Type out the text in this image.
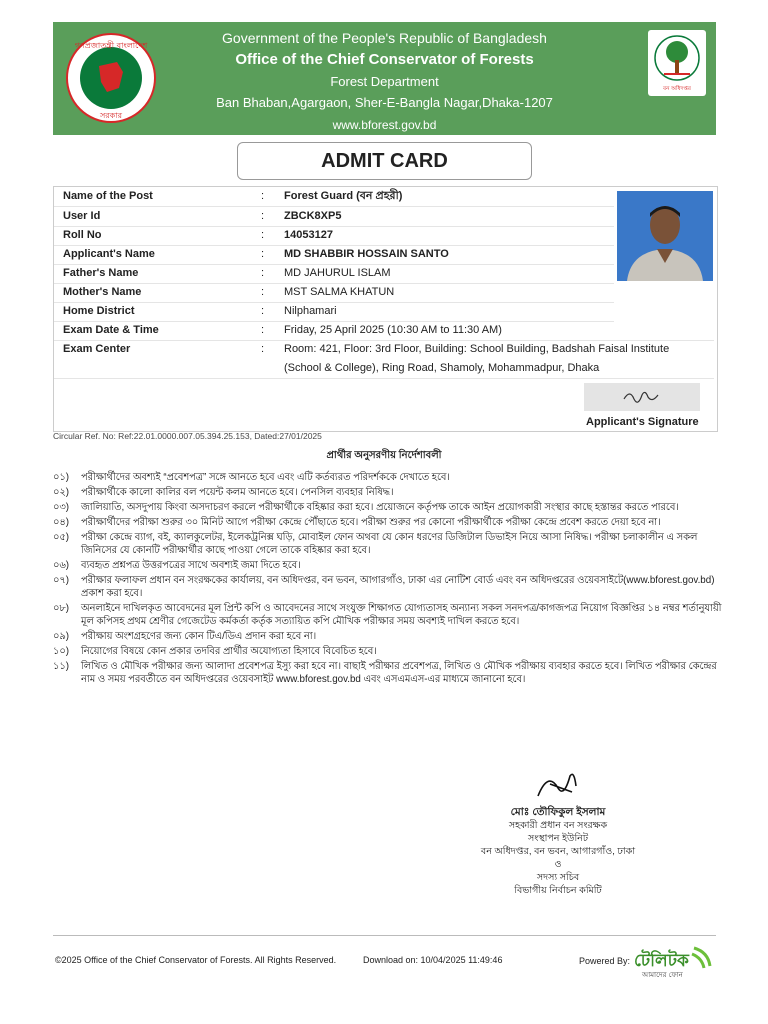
গণপ্রজাতন্ত্রী বাংলাদেশ
সরকার
Government of the People's Republic of Bangladesh
Office of the Chief Conservator of Forests
Forest Department
Ban Bhaban,Agargaon, Sher-E-Bangla Nagar,Dhaka-1207
www.bforest.gov.bd
বন অধিদপ্তর
ADMIT CARD
Name of the Post	: Forest Guard (বন প্রহরী)
User Id	: ZBCK8XP5
Roll No	: 14053127
Applicant's Name	: MD SHABBIR HOSSAIN SANTO
Father's Name	: MD JAHURUL ISLAM
Mother's Name	: MST SALMA KHATUN
Home District	: Nilphamari
Exam Date & Time	: Friday, 25 April 2025 (10:30 AM to 11:30 AM)
Exam Center	: Room: 421, Floor: 3rd Floor, Building: School Building, Badshah Faisal Institute
(School & College), Ring Road, Shamoly, Mohammadpur, Dhaka
Applicant's Signature
Circular Ref. No: Ref:22.01.0000.007.05.394.25.153, Dated:27/01/2025
প্রার্থীর অনুসরণীয় নির্দেশাবলী
০১) পরীক্ষার্থীদের অবশ্যই “প্রবেশপত্র” সঙ্গে আনতে হবে এবং এটি কর্তব্যরত পরিদর্শককে দেখাতে হবে।
০২) পরীক্ষার্থীকে কালো কালির বল পয়েন্ট কলম আনতে হবে। পেনসিল ব্যবহার নিষিদ্ধ।
০৩) জালিয়াতি, অসদুপায় কিংবা অসদাচরণ করলে পরীক্ষার্থীকে বহিষ্কার করা হবে। প্রয়োজনে কর্তৃপক্ষ তাকে আইন প্রয়োগকারী সংস্থার কাছে হস্তান্তর করতে পারবে।
০৪) পরীক্ষার্থীদের পরীক্ষা শুরুর ৩০ মিনিট আগে পরীক্ষা কেন্দ্রে পৌঁছাতে হবে। পরীক্ষা শুরুর পর কোনো পরীক্ষার্থীকে পরীক্ষা কেন্দ্রে প্রবেশ করতে দেয়া হবে না।
০৫) পরীক্ষা কেন্দ্রে ব্যাগ, বই, ক্যালকুলেটর, ইলেকট্রনিক্স ঘড়ি, মোবাইল ফোন অথবা যে কোন ধরণের ডিজিটাল ডিভাইস নিয়ে আসা নিষিদ্ধ। পরীক্ষা চলাকালীন এ সকল জিনিসের যে কোনটি পরীক্ষার্থীর কাছে পাওয়া গেলে তাকে বহিষ্কার করা হবে।
০৬) ব্যবহৃত প্রশ্নপত্র উত্তরপত্রের সাথে অবশ্যই জমা দিতে হবে।
০৭) পরীক্ষার ফলাফল প্রধান বন সংরক্ষকের কার্যালয়, বন অধিদপ্তর, বন ভবন, আগারগাঁও, ঢাকা এর নোটিশ বোর্ড এবং বন অধিদপ্তরের ওয়েবসাইটে(www.bforest.gov.bd) প্রকাশ করা হবে।
০৮) অনলাইনে দাখিলকৃত আবেদনের মূল প্রিন্ট কপি ও আবেদনের সাথে সংযুক্ত শিক্ষাগত যোগ্যতাসহ অন্যান্য সকল সনদপত্র/কাগজপত্র নিয়োগ বিজ্ঞপ্তির ১৪ নম্বর শর্তানুযায়ী মূল কপিসহ প্রথম শ্রেণীর গেজেটেড কর্মকর্তা কর্তৃক সত্যায়িত কপি মৌখিক পরীক্ষার সময় অবশ্যই দাখিল করতে হবে।
০৯) পরীক্ষায় অংশগ্রহণের জন্য কোন টিএ/ডিএ প্রদান করা হবে না।
১০) নিয়োগের বিষয়ে কোন প্রকার তদবির প্রার্থীর অযোগ্যতা হিসাবে বিবেচিত হবে।
১১) লিখিত ও মৌখিক পরীক্ষার জন্য আলাদা প্রবেশপত্র ইস্যু করা হবে না। বাছাই পরীক্ষার প্রবেশপত্র, লিখিত ও মৌখিক পরীক্ষায় ব্যবহার করতে হবে। লিখিত পরীক্ষার কেন্দ্রের নাম ও সময় পরবর্তীতে বন অধিদপ্তরের ওয়েবসাইট www.bforest.gov.bd এবং এসএমএস-এর মাধ্যমে জানানো হবে।
মোঃ তৌফিকুল ইসলাম
সহকারী প্রধান বন সংরক্ষক
সংস্থাপন ইউনিট
বন অধিদপ্তর, বন ভবন, আগারগাঁও, ঢাকা
ও
সদস্য সচিব
বিভাগীয় নির্বাচন কমিটি
©2025 Office of the Chief Conservator of Forests. All Rights Reserved.	Download on: 10/04/2025 11:49:46	Powered By: টেলিটক
আমাদের ফোন
